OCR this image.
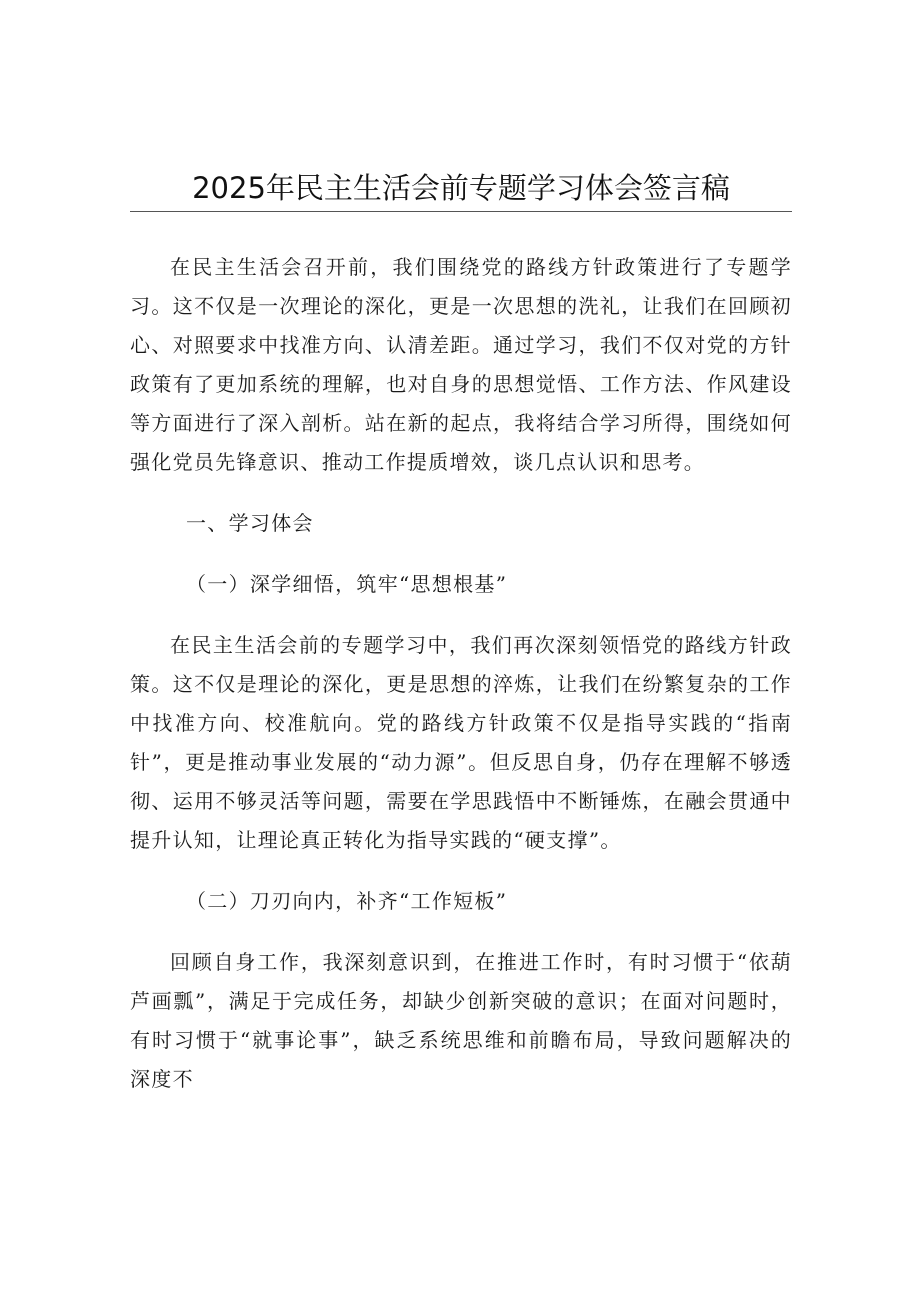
2025年民主生活会前专题学习体会签言稿

在民主生活会召开前，我们围绕党的路线方针政策进行了专题学习。这不仅是一次理论的深化，更是一次思想的洗礼，让我们在回顾初心、对照要求中找准方向、认清差距。通过学习，我们不仅对党的方针政策有了更加系统的理解，也对自身的思想觉悟、工作方法、作风建设等方面进行了深入剖析。站在新的起点，我将结合学习所得，围绕如何强化党员先锋意识、推动工作提质增效，谈几点认识和思考。

一、学习体会

（一）深学细悟，筑牢“思想根基”

在民主生活会前的专题学习中，我们再次深刻领悟党的路线方针政策。这不仅是理论的深化，更是思想的淬炼，让我们在纷繁复杂的工作中找准方向、校准航向。党的路线方针政策不仅是指导实践的“指南针”，更是推动事业发展的“动力源”。但反思自身，仍存在理解不够透彻、运用不够灵活等问题，需要在学思践悟中不断锤炼，在融会贯通中提升认知，让理论真正转化为指导实践的“硬支撑”。

（二）刀刃向内，补齐“工作短板”

回顾自身工作，我深刻意识到，在推进工作时，有时习惯于“依葫芦画瓢”，满足于完成任务，却缺少创新突破的意识；在面对问题时，有时习惯于“就事论事”，缺乏系统思维和前瞻布局，导致问题解决的深度不
